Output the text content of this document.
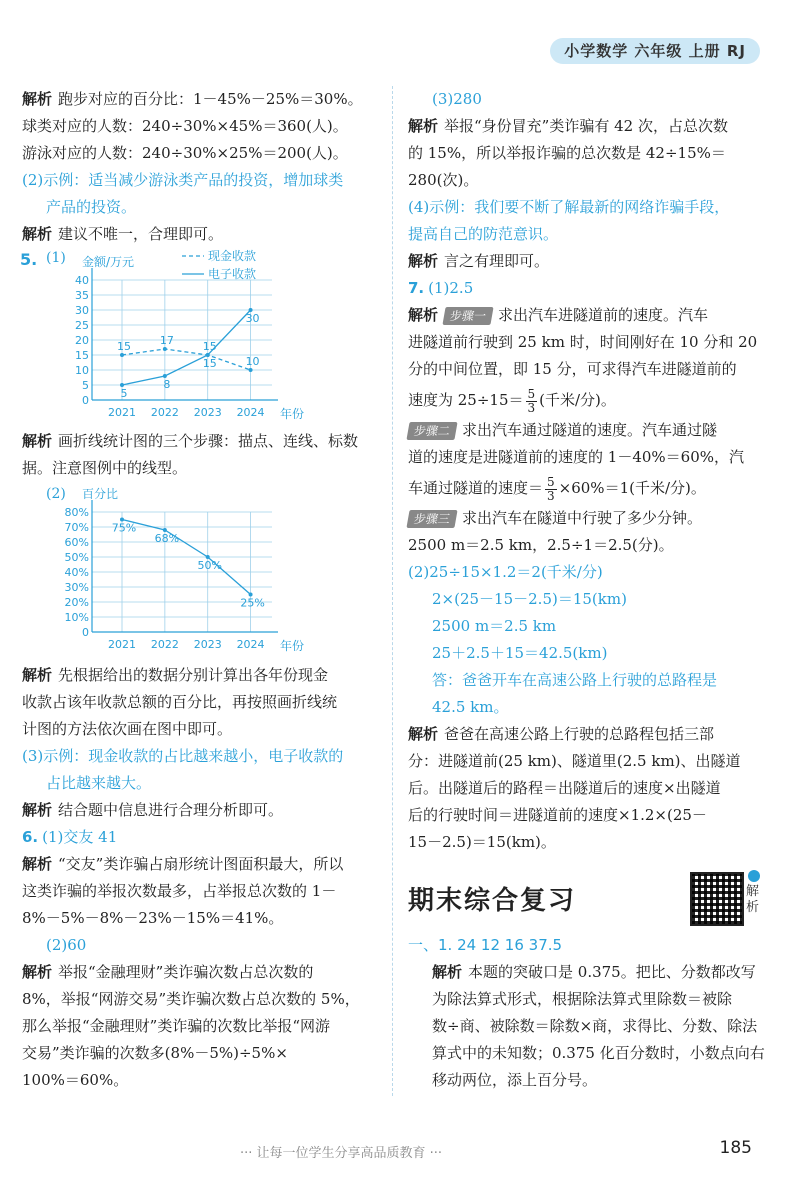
小学数学 六年级 上册 RJ

解析 跑步对应的百分比：1－45%－25%＝30%。

球类对应的人数：240÷30%×45%＝360(人)。

游泳对应的人数：240÷30%×25%＝200(人)。

(2)示例：适当减少游泳类产品的投资，增加球类

产品的投资。

解析 建议不唯一，合理即可。

5. (1)
0
5
10
15
20
25
30
35
40
2021 2022 2023 2024
金额/万元
年份
15	17	15
10
5
8
15
30
现金收款
电子收款

解析 画折线统计图的三个步骤：描点、连线、标数

据。注意图例中的线型。

(2)
0
10%
20%
30%
40%
50%
60%
70%
80%
2021 2022 2023 2024
百分比
年份
75%
68%
50%
25%

解析 先根据给出的数据分别计算出各年份现金

收款占该年收款总额的百分比，再按照画折线统

计图的方法依次画在图中即可。

(3)示例：现金收款的占比越来越小，电子收款的

占比越来越大。

解析 结合题中信息进行合理分析即可。

6. (1)交友 41

解析 “交友”类诈骗占扇形统计图面积最大，所以

这类诈骗的举报次数最多，占举报总次数的 1－

8%－5%－8%－23%－15%＝41%。

(2)60

解析 举报“金融理财”类诈骗次数占总次数的

8%，举报“网游交易”类诈骗次数占总次数的 5%，

那么举报“金融理财”类诈骗的次数比举报“网游

交易”类诈骗的次数多(8%－5%)÷5%×

100%＝60%。

(3)280

解析 举报“身份冒充”类诈骗有 42 次，占总次数

的 15%，所以举报诈骗的总次数是 42÷15%＝

280(次)。

(4)示例：我们要不断了解最新的网络诈骗手段，

提高自己的防范意识。

解析 言之有理即可。

7. (1)2.5

解析 步骤一 求出汽车进隧道前的速度。汽车

进隧道前行驶到 25 km 时，时间刚好在 10 分和 20

分的中间位置，即 15 分，可求得汽车进隧道前的

速度为 $25\div 15= \frac{5}{3}$ (千米/分)。

步骤二 求出汽车通过隧道的速度。汽车通过隧

道的速度是进隧道前的速度的 1－40%＝60%，汽

车通过隧道的速度＝ $\frac{5}{3} \times 60\%=1$(千米/分)。

步骤三 求出汽车在隧道中行驶了多少分钟。

2500 m＝2.5 km，2.5÷1＝2.5(分)。

(2)25÷15×1.2＝2(千米/分)

2×(25－15－2.5)＝15(km)

2500 m＝2.5 km

25＋2.5＋15＝42.5(km)

答：爸爸开车在高速公路上行驶的总路程是

42.5 km。

解析 爸爸在高速公路上行驶的总路程包括三部

分：进隧道前(25 km)、隧道里(2.5 km)、出隧道

后。出隧道后的路程＝出隧道后的速度×出隧道

后的行驶时间＝进隧道前的速度×1.2×(25－

15－2.5)＝15(km)。

期末综合复习	解析

一、1. 24 12 16 37.5

解析 本题的突破口是 0.375。把比、分数都改写

为除法算式形式，根据除法算式里除数＝被除

数÷商、被除数＝除数×商，求得比、分数、除法

算式中的未知数；0.375 化百分数时，小数点向右

移动两位，添上百分号。

··· 让每一位学生分享高品质教育 ···	185
